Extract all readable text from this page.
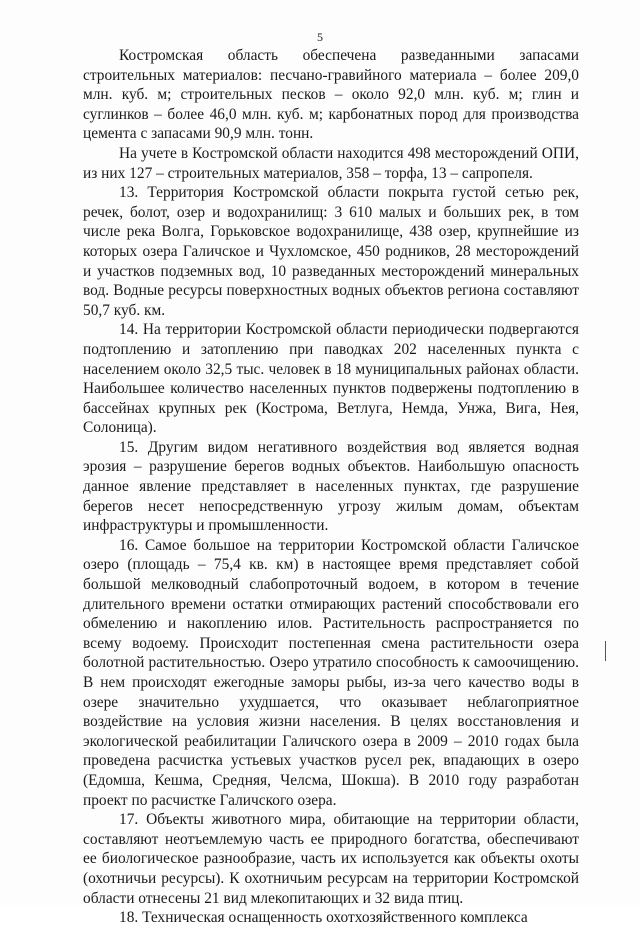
5

Костромская область обеспечена разведанными запасами строительных материалов: песчано-гравийного материала – более 209,0 млн. куб. м; строительных песков – около 92,0 млн. куб. м; глин и суглинков – более 46,0 млн. куб. м; карбонатных пород для производства цемента с запасами 90,9 млн. тонн.

На учете в Костромской области находится 498 месторождений ОПИ, из них 127 – строительных материалов, 358 – торфа, 13 – сапропеля.

13. Территория Костромской области покрыта густой сетью рек, речек, болот, озер и водохранилищ: 3 610 малых и больших рек, в том числе река Волга, Горьковское водохранилище, 438 озер, крупнейшие из которых озера Галичское и Чухломское, 450 родников, 28 месторождений и участков подземных вод, 10 разведанных месторождений минеральных вод. Водные ресурсы поверхностных водных объектов региона составляют 50,7 куб. км.

14. На территории Костромской области периодически подвергаются подтоплению и затоплению при паводках 202 населенных пункта с населением около 32,5 тыс. человек в 18 муниципальных районах области. Наибольшее количество населенных пунктов подвержены подтоплению в бассейнах крупных рек (Кострома, Ветлуга, Немда, Унжа, Вига, Нея, Солоница).

15. Другим видом негативного воздействия вод является водная эрозия – разрушение берегов водных объектов. Наибольшую опасность данное явление представляет в населенных пунктах, где разрушение берегов несет непосредственную угрозу жилым домам, объектам инфраструктуры и промышленности.

16. Самое большое на территории Костромской области Галичское озеро (площадь – 75,4 кв. км) в настоящее время представляет собой большой мелководный слабопроточный водоем, в котором в течение длительного времени остатки отмирающих растений способствовали его обмелению и накоплению илов. Растительность распространяется по всему водоему. Происходит постепенная смена растительности озера болотной растительностью. Озеро утратило способность к самоочищению. В нем происходят ежегодные заморы рыбы, из-за чего качество воды в озере значительно ухудшается, что оказывает неблагоприятное воздействие на условия жизни населения. В целях восстановления и экологической реабилитации Галичского озера в 2009 – 2010 годах была проведена расчистка устьевых участков русел рек, впадающих в озеро (Едомша, Кешма, Средняя, Челсма, Шокша). В 2010 году разработан проект по расчистке Галичского озера.

17. Объекты животного мира, обитающие на территории области, составляют неотъемлемую часть ее природного богатства, обеспечивают ее биологическое разнообразие, часть их используется как объекты охоты (охотничьи ресурсы). К охотничьим ресурсам на территории Костромской области отнесены 21 вид млекопитающих и 32 вида птиц.

18. Техническая оснащенность охотхозяйственного комплекса
